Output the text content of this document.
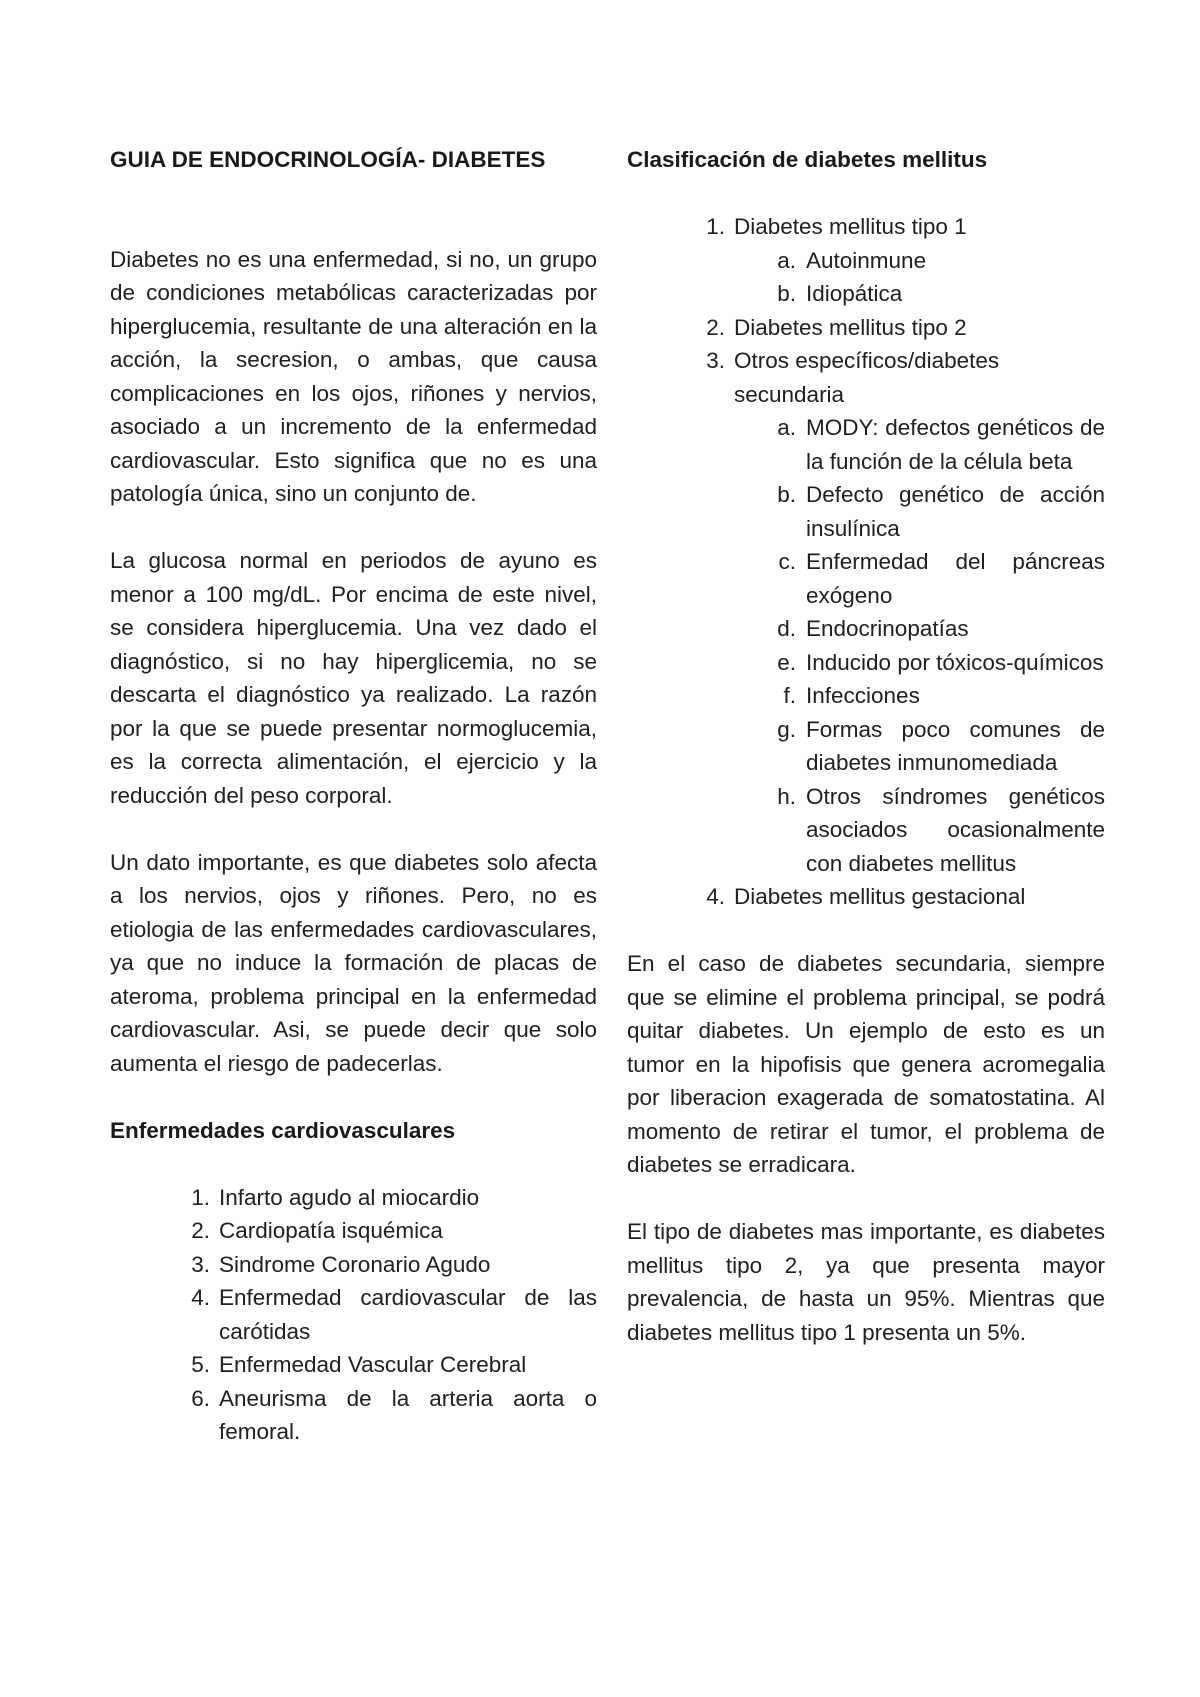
GUIA DE ENDOCRINOLOGÍA- DIABETES

Diabetes no es una enfermedad, si no, un grupo de condiciones metabólicas caracterizadas por hiperglucemia, resultante de una alteración en la acción, la secresion, o ambas, que causa complicaciones en los ojos, riñones y nervios, asociado a un incremento de la enfermedad cardiovascular. Esto significa que no es una patología única, sino un conjunto de.

La glucosa normal en periodos de ayuno es menor a 100 mg/dL. Por encima de este nivel, se considera hiperglucemia. Una vez dado el diagnóstico, si no hay hiperglicemia, no se descarta el diagnóstico ya realizado. La razón por la que se puede presentar normoglucemia, es la correcta alimentación, el ejercicio y la reducción del peso corporal.

Un dato importante, es que diabetes solo afecta a los nervios, ojos y riñones. Pero, no es etiologia de las enfermedades cardiovasculares, ya que no induce la formación de placas de ateroma, problema principal en la enfermedad cardiovascular. Asi, se puede decir que solo aumenta el riesgo de padecerlas.

Enfermedades cardiovasculares
1. Infarto agudo al miocardio
2. Cardiopatía isquémica
3. Sindrome Coronario Agudo
4. Enfermedad cardiovascular de las carótidas
5. Enfermedad Vascular Cerebral
6. Aneurisma de la arteria aorta o femoral.
Clasificación de diabetes mellitus
1. Diabetes mellitus tipo 1
a. Autoinmune
b. Idiopática
2. Diabetes mellitus tipo 2
3. Otros específicos/diabetes secundaria
a. MODY: defectos genéticos de la función de la célula beta
b. Defecto genético de acción insulínica
c. Enfermedad del páncreas exógeno
d. Endocrinopatías
e. Inducido por tóxicos-químicos
f. Infecciones
g. Formas poco comunes de diabetes inmunomediada
h. Otros síndromes genéticos asociados ocasionalmente con diabetes mellitus
4. Diabetes mellitus gestacional

En el caso de diabetes secundaria, siempre que se elimine el problema principal, se podrá quitar diabetes. Un ejemplo de esto es un tumor en la hipofisis que genera acromegalia por liberacion exagerada de somatostatina. Al momento de retirar el tumor, el problema de diabetes se erradicara.

El tipo de diabetes mas importante, es diabetes mellitus tipo 2, ya que presenta mayor prevalencia, de hasta un 95%. Mientras que diabetes mellitus tipo 1 presenta un 5%.
